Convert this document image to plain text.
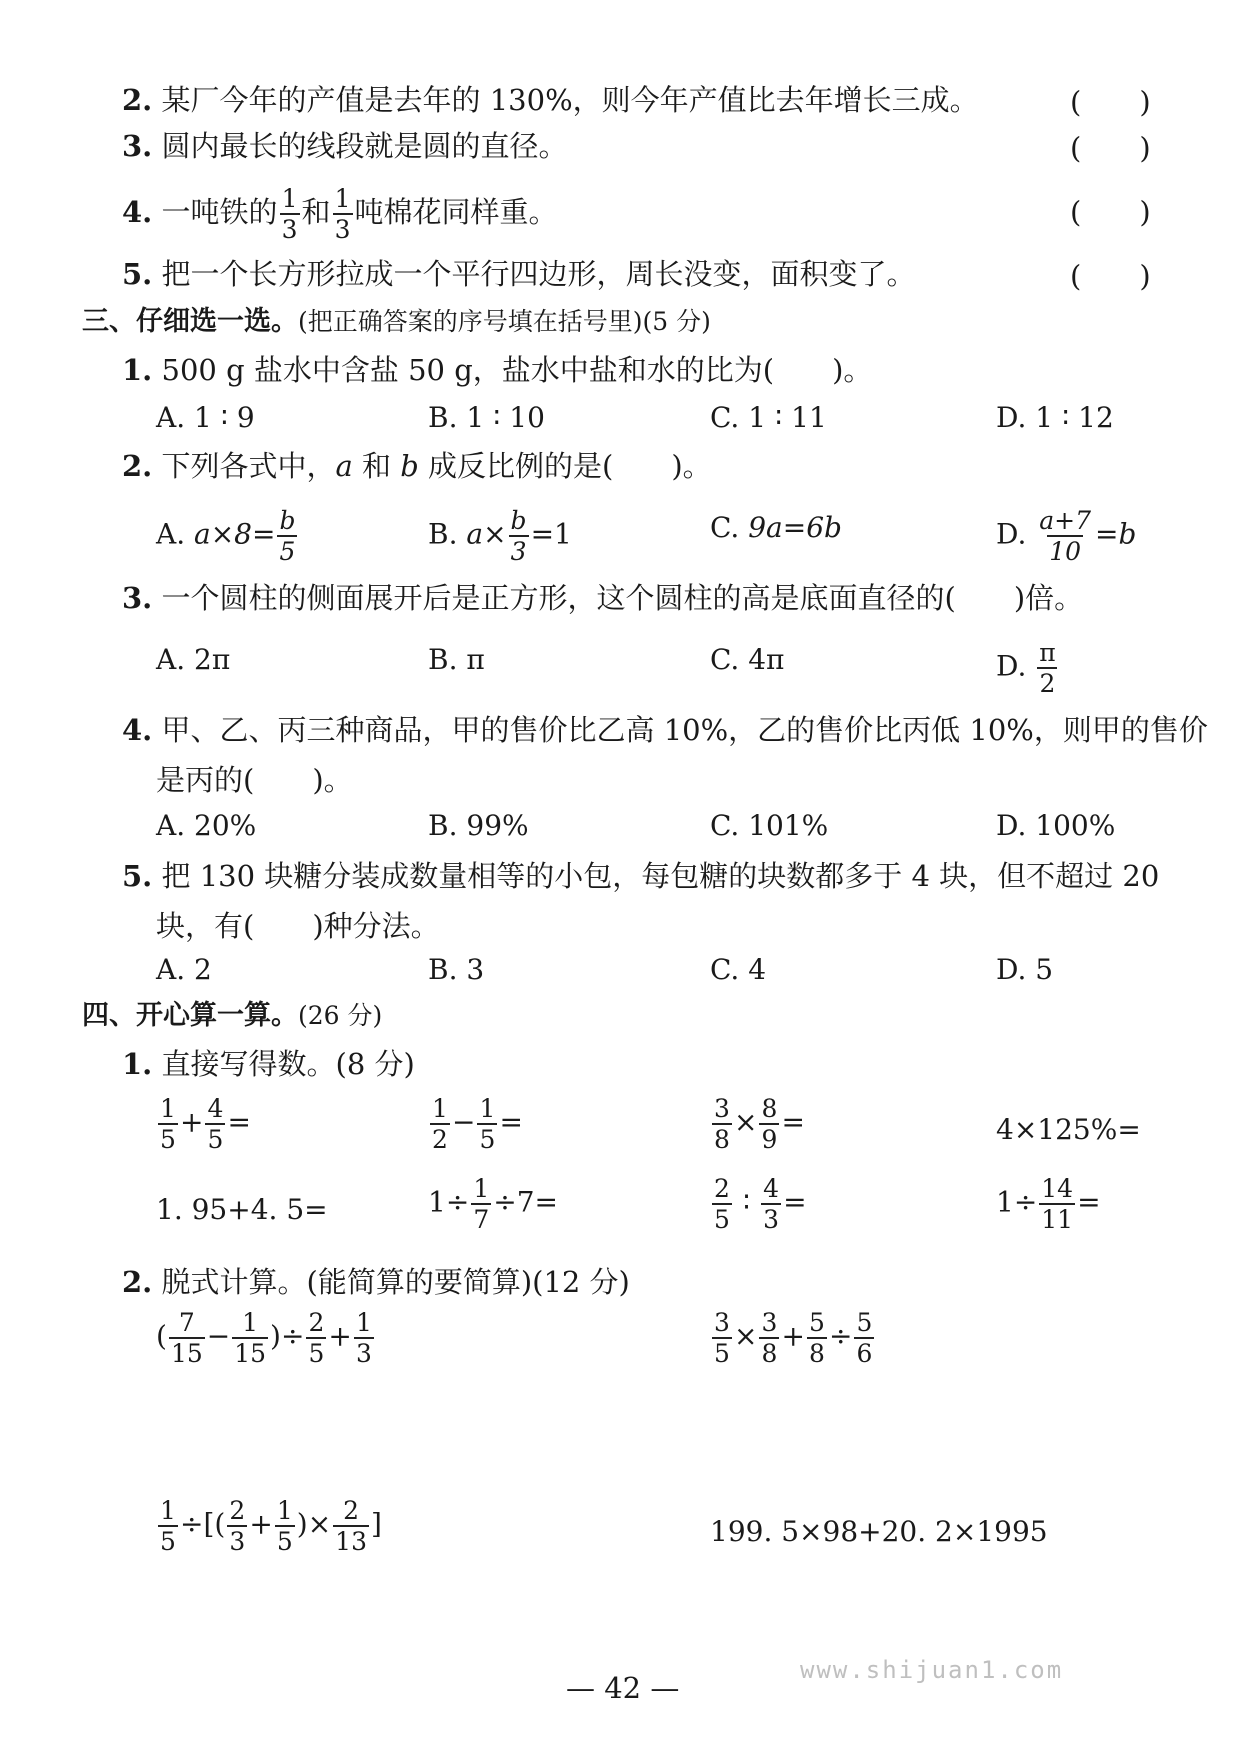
2. 某厂今年的产值是去年的 130%，则今年产值比去年增长三成。	(　　)
3. 圆内最长的线段就是圆的直径。	(　　)
4. 一吨铁的 $\frac{1}{3}$ 和 $\frac{1}{3}$ 吨棉花同样重。	(　　)
5. 把一个长方形拉成一个平行四边形，周长没变，面积变了。	(　　)
三、仔细选一选。(把正确答案的序号填在括号里)(5 分)
1. 500 g 盐水中含盐 50 g，盐水中盐和水的比为(　　)。
A. 1 ∶ 9	B. 1 ∶ 10	C. 1 ∶ 11	D. 1 ∶ 12
2. 下列各式中，a 和 b 成反比例的是(　　)。
A. $a\times 8= \frac{b}{5}$	B. $a\times \frac{b}{3} =1$	C. 9a=6b	D. $\frac{a+7}{10} =b$
3. 一个圆柱的侧面展开后是正方形，这个圆柱的高是底面直径的(　　)倍。
A. 2π	B. π	C. 4π	D. $\frac{\pi}{2}$
4. 甲、乙、丙三种商品，甲的售价比乙高 10%，乙的售价比丙低 10%，则甲的售价
是丙的(　　)。
A. 20%	B. 99%	C. 101%	D. 100%
5. 把 130 块糖分装成数量相等的小包，每包糖的块数都多于 4 块，但不超过 20
块，有(　　)种分法。
A. 2	B. 3	C. 4	D. 5
四、开心算一算。(26 分)
1. 直接写得数。(8 分)
$\frac{1}{5} + \frac{4}{5}$ =	$\frac{1}{2} - \frac{1}{5}$ =	$\frac{3}{8} \times \frac{8}{9}$ =	4×125%=
1. 95+4. 5=	$1\div \frac{1}{7} \div 7=$	$\frac{2}{5}$ ∶ $\frac{4}{3}$ =	$1\div \frac{14}{11}$ =
2. 脱式计算。(能简算的要简算)(12 分)
( $\frac{7}{15} - \frac{1}{15}$ )÷ $\frac{2}{5} + \frac{1}{3}$	$\frac{3}{5} \times \frac{3}{8} + \frac{5}{8} \div \frac{5}{6}$
$\frac{1}{5}$ ÷[( $\frac{2}{3} + \frac{1}{5}$ )× $\frac{2}{13}$ ]	199. 5×98+20. 2×1995
— 42 —
www.shijuan1.com
